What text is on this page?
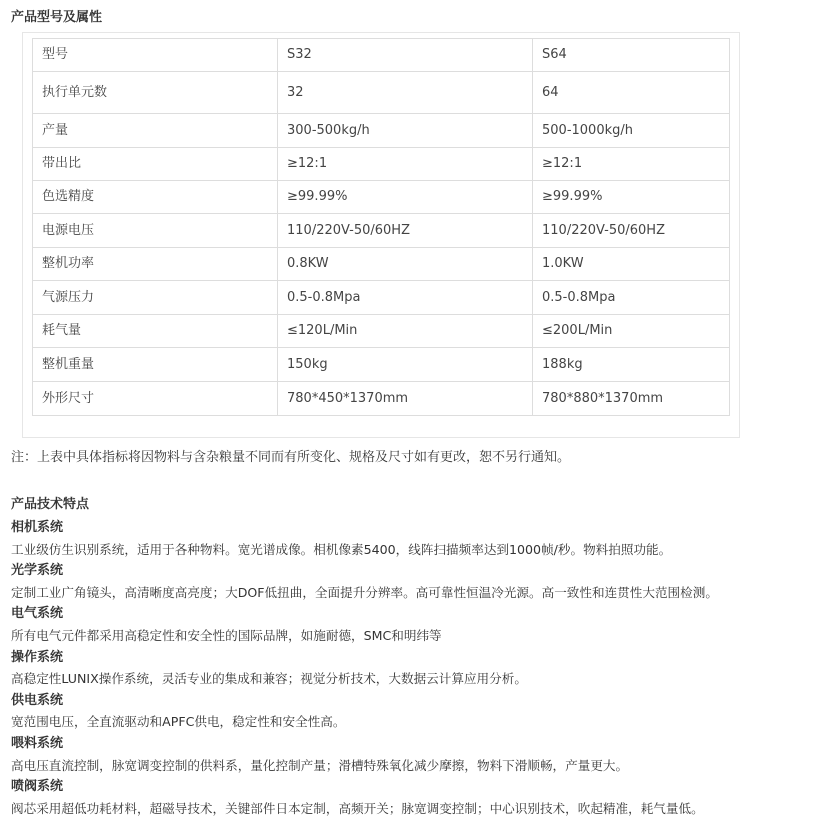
产品型号及属性
型号	S32	S64
执行单元数	32	64
产量	300-500kg/h	500-1000kg/h
带出比	≥12:1	≥12:1
色选精度	≥99.99%	≥99.99%
电源电压	110/220V-50/60HZ	110/220V-50/60HZ
整机功率	0.8KW	1.0KW
气源压力	0.5-0.8Mpa	0.5-0.8Mpa
耗气量	≤120L/Min	≤200L/Min
整机重量	150kg	188kg
外形尺寸	780*450*1370mm	780*880*1370mm
注：上表中具体指标将因物料与含杂粮量不同而有所变化、规格及尺寸如有更改，恕不另行通知。
产品技术特点
相机系统
工业级仿生识别系统，适用于各种物料。宽光谱成像。相机像素5400，线阵扫描频率达到1000帧/秒。物料拍照功能。
光学系统
定制工业广角镜头，高清晰度高亮度；大DOF低扭曲，全面提升分辨率。高可靠性恒温冷光源。高一致性和连贯性大范围检测。
电气系统
所有电气元件都采用高稳定性和安全性的国际品牌，如施耐德，SMC和明纬等
操作系统
高稳定性LUNIX操作系统，灵活专业的集成和兼容；视觉分析技术，大数据云计算应用分析。
供电系统
宽范围电压，全直流驱动和APFC供电，稳定性和安全性高。
喂料系统
高电压直流控制，脉宽调变控制的供料系，量化控制产量；滑槽特殊氧化减少摩擦，物料下滑顺畅，产量更大。
喷阀系统
阀芯采用超低功耗材料，超磁导技术，关键部件日本定制，高频开关；脉宽调变控制；中心识别技术，吹起精准，耗气量低。
